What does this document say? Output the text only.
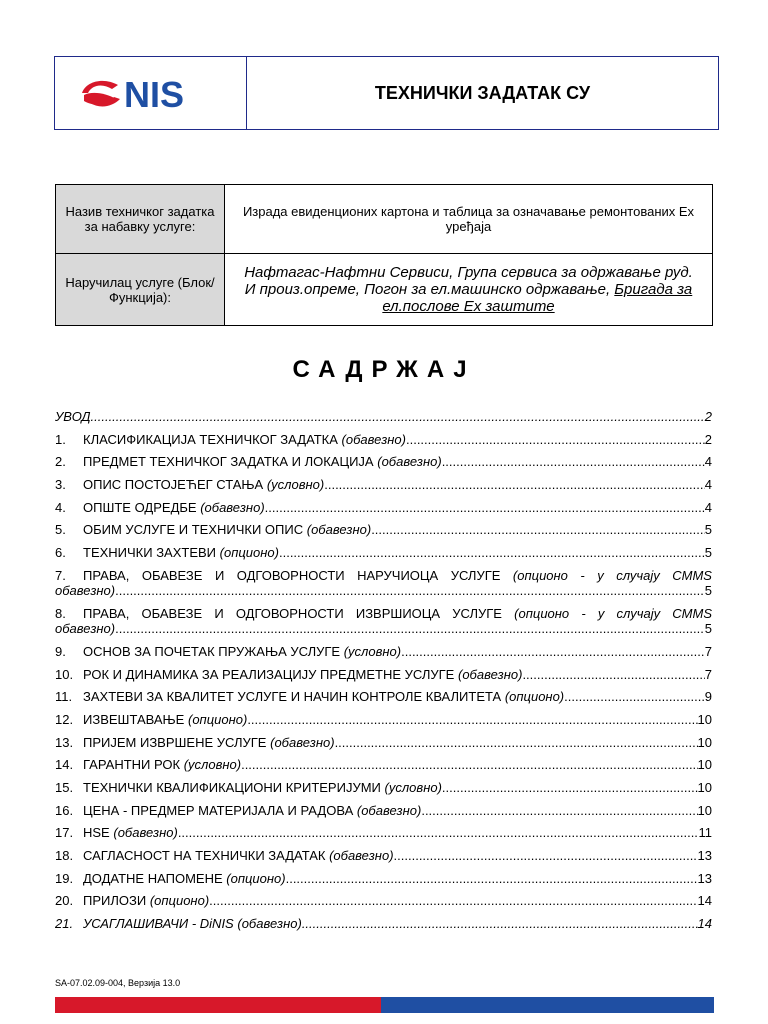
NIS	ТЕХНИЧКИ ЗАДАТАК СУ
Назив техничког задатка за набавку услуге:	Израда евиденционих картона и таблица за означавање ремонтованих Ех уређаја
Наручилац услуге (Блок/Функција):	Нафтагас-Нафтни Сервиси, Група сервиса за одржавање руд. И произ.опреме, Погон за ел.машинско одржавање, Бригада за ел.послове Ех заштите
САДРЖАЈ
УВОД .....	2
1.	КЛАСИФИКАЦИЈА ТЕХНИЧКОГ ЗАДАТКА (обавезно) .....	2
2.	ПРЕДМЕТ ТЕХНИЧКОГ ЗАДАТКА И ЛОКАЦИЈА (обавезно) .....	4
3.	ОПИС ПОСТОЈЕЋЕГ СТАЊА (условно) .....	4
4.	ОПШТЕ ОДРЕДБЕ (обавезно) .....	4
5.	ОБИМ УСЛУГЕ И ТЕХНИЧКИ ОПИС (обавезно) .....	5
6.	ТЕХНИЧКИ ЗАХТЕВИ (опционо) .....	5
7.	ПРАВА, ОБАВЕЗЕ И ОДГОВОРНОСТИ НАРУЧИОЦА УСЛУГЕ (опционо - у случају CMMS
обавезно) .....	5
8.	ПРАВА, ОБАВЕЗЕ И ОДГОВОРНОСТИ ИЗВРШИОЦА УСЛУГЕ (опционо - у случају CMMS
обавезно) .....	5
9.	ОСНОВ ЗА ПОЧЕТАК ПРУЖАЊА УСЛУГЕ (условно) .....	7
10. РОК И ДИНАМИКА ЗА РЕАЛИЗАЦИЈУ ПРЕДМЕТНЕ УСЛУГЕ (обавезно) .....	7
11. ЗАХТЕВИ ЗА КВАЛИТЕТ УСЛУГЕ И НАЧИН КОНТРОЛЕ КВАЛИТЕТА (опционо) .....	9
12. ИЗВЕШТАВАЊЕ (опционо) .....	10
13. ПРИЈЕМ ИЗВРШЕНЕ УСЛУГЕ (обавезно) .....	10
14. ГАРАНТНИ РОК (условно) .....	10
15. ТЕХНИЧКИ КВАЛИФИКАЦИОНИ КРИТЕРИЈУМИ (условно) .....	10
16. ЦЕНА - ПРЕДМЕР МАТЕРИЈАЛА И РАДОВА (обавезно) .....	10
17. HSE (обавезно) .....	11
18. САГЛАСНОСТ НА ТЕХНИЧКИ ЗАДАТАК (обавезно) .....	13
19. ДОДАТНЕ НАПОМЕНЕ (опционо) .....	13
20. ПРИЛОЗИ (опционо) .....	14
21. УСАГЛАШИВАЧИ - DiNIS (обавезно) .....	14
SA-07.02.09-004, Верзија 13.0
